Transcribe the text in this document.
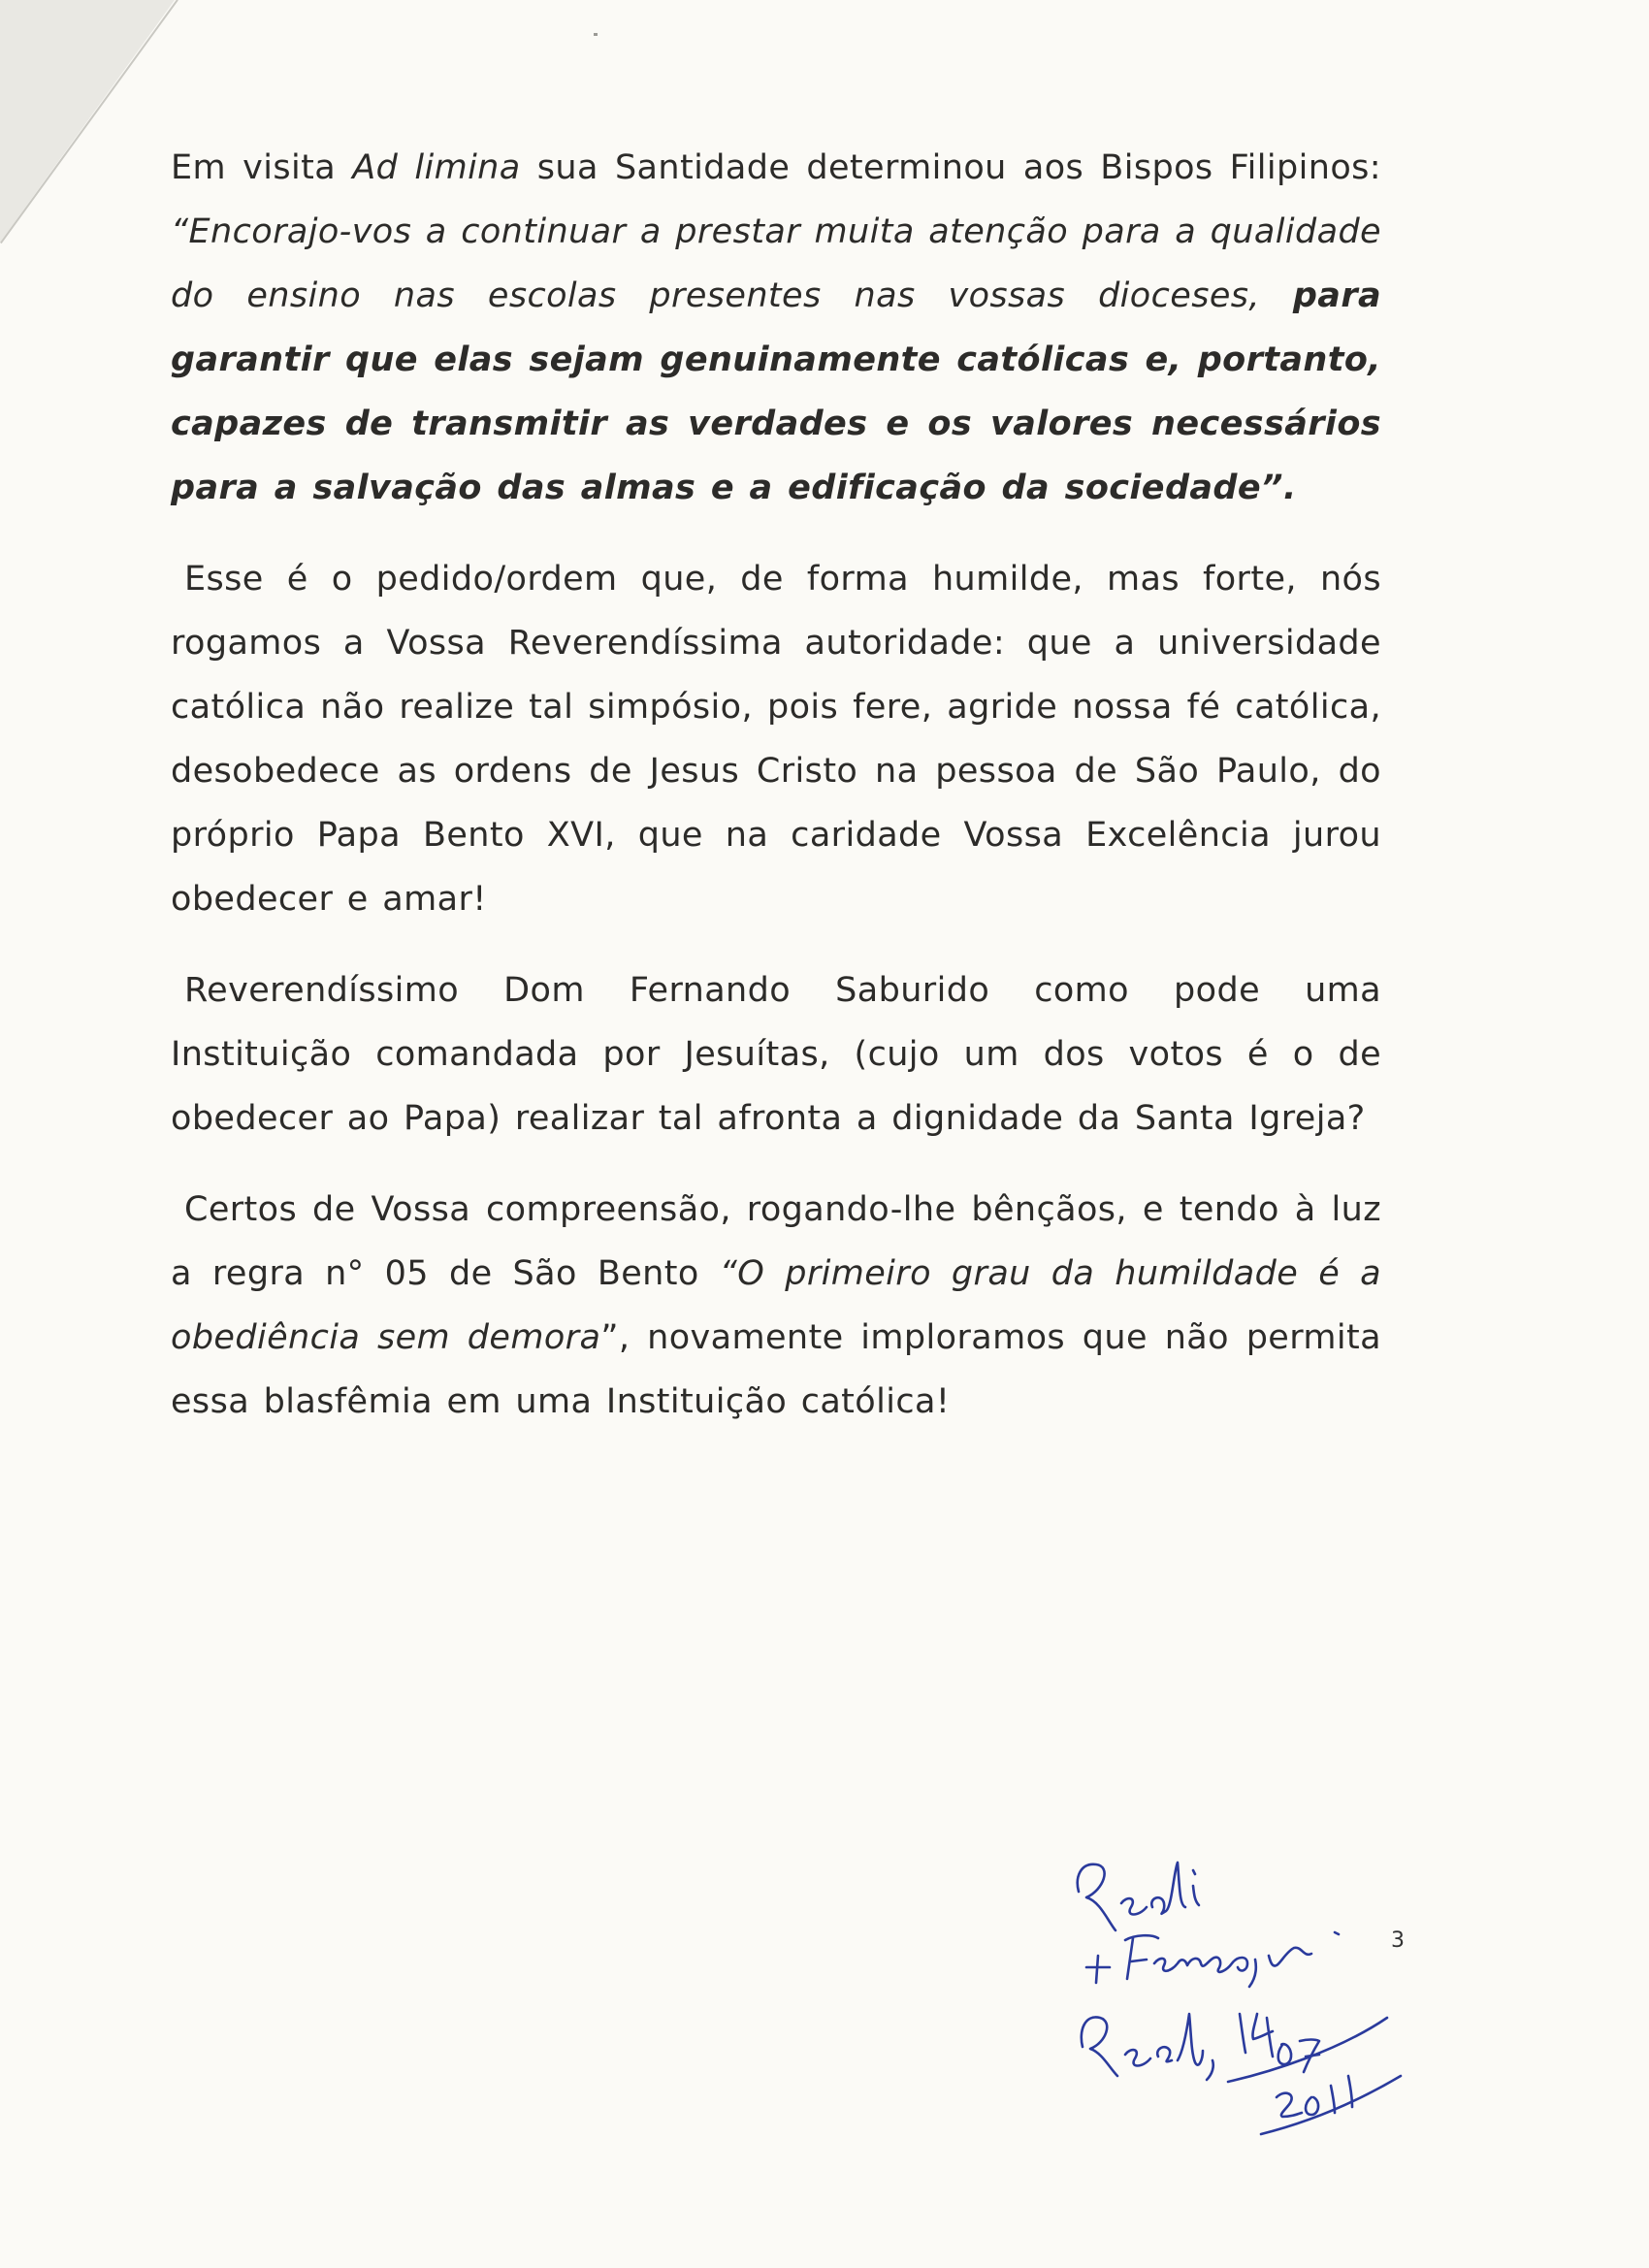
Em visita Ad limina sua Santidade determinou aos Bispos Filipinos: “Encorajo-vos a continuar a prestar muita atenção para a qualidade do ensino nas escolas presentes nas vossas dioceses, para garantir que elas sejam genuinamente católicas e, portanto, capazes de transmitir as verdades e os valores necessários para a salvação das almas e a edificação da sociedade”.

Esse é o pedido/ordem que, de forma humilde, mas forte, nós rogamos a Vossa Reverendíssima autoridade: que a universidade católica não realize tal simpósio, pois fere, agride nossa fé católica, desobedece as ordens de Jesus Cristo na pessoa de São Paulo, do próprio Papa Bento XVI, que na caridade Vossa Excelência jurou obedecer e amar!

Reverendíssimo Dom Fernando Saburido como pode uma Instituição comandada por Jesuítas, (cujo um dos votos é o de obedecer ao Papa) realizar tal afronta a dignidade da Santa Igreja?

Certos de Vossa compreensão, rogando-lhe bênçãos, e tendo à luz a regra n° 05 de São Bento “O primeiro grau da humildade é a obediência sem demora”, novamente imploramos que não permita essa blasfêmia em uma Instituição católica!

3
